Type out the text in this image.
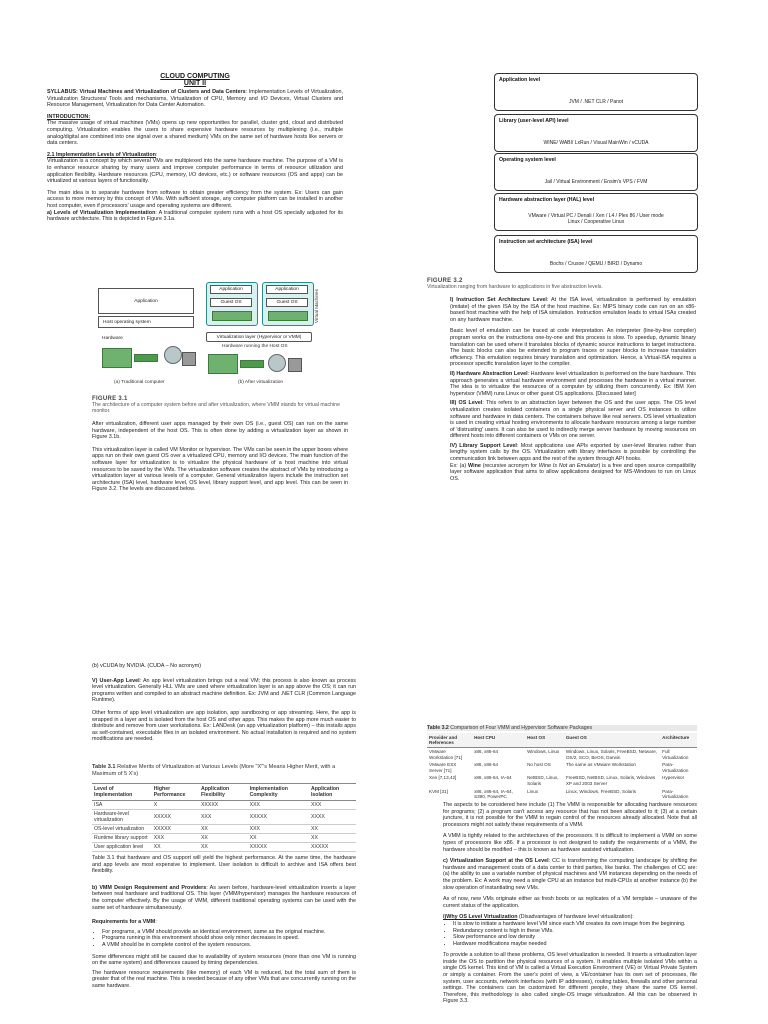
CLOUD COMPUTING
UNIT II

SYLLABUS: Virtual Machines and Virtualization of Clusters and Data Centers: Implementation Levels of Virtualization, Virtualization Structures/ Tools and mechanisms, Virtualization of CPU, Memory and I/O Devices, Virtual Clusters and Resource Management, Virtualization for Data Center Automation.

INTRODUCTION:
The massive usage of virtual machines (VMs) opens up new opportunities for parallel, cluster grid, cloud and distributed computing. Virtualization enables the users to share expensive hardware resources by multiplexing (i.e., multiple analog/digital are combined into one signal over a shared medium) VMs on the same set of hardware hosts like servers or data centers.

2.1 Implementation Levels of Virtualization:
Virtualization is a concept by which several VMs are multiplexed into the same hardware machine. The purpose of a VM is to enhance resource sharing by many users and improve computer performance in terms of resource utilization and application flexibility. Hardware resources (CPU, memory, I/O devices, etc.) or software resources (OS and apps) can be virtualized at various layers of functionality.

The main idea is to separate hardware from software to obtain greater efficiency from the system. Ex: Users can gain access to more memory by this concept of VMs. With sufficient storage, any computer platform can be installed in another host computer, even if processors' usage and operating systems are different.
a) Levels of Virtualization Implementation: A traditional computer system runs with a host OS specially adjusted for its hardware architecture. This is depicted in Figure 3.1a.

Application
Host operating system
Hardware
(a) Traditional computer
Application
Guest OS
Application
Guest OS	Virtual Machines
Virtualization layer (Hypervisor or VMM)
Hardware running the Host OS
(b) After virtualization
FIGURE 3.1
The architecture of a computer system before and after virtualization, where VMM stands for virtual machine monitor.

After virtualization, different user apps managed by their own OS (i.e., guest OS) can run on the same hardware, independent of the host OS. This is often done by adding a virtualization layer as shown in Figure 3.1b.

This virtualization layer is called VM Monitor or hypervisor. The VMs can be seen in the upper boxes where apps run on their own guest OS over a virtualized CPU, memory and I/O devices. The main function of the software layer for virtualization is to virtualize the physical hardware of a host machine into virtual resources to be saved by the VMs. The virtualization software creates the abstract of VMs by introducing a virtualization layer at various levels of a computer. General virtualization layers include the instruction set architecture (ISA) level, hardware level, OS level, library support level, and app level. This can be seen in Figure 3.2. The levels are discussed below.

Application level
JVM / .NET CLR / Panot
Library (user-level API) level
WINE/ WABI/ LxRun / Visual MainWin / vCUDA
Operating system level
Jail / Virtual Environment / Ensim's VPS / FVM
Hardware abstraction layer (HAL) level
VMware / Virtual PC / Denali / Xen / L4 / Plex 86 / User mode Linux / Cooperative Linux
Instruction set architecture (ISA) level
Bochs / Crusoe / QEMU / BIRD / Dynamo
FIGURE 3.2
Virtualization ranging from hardware to applications in five abstraction levels.

I) Instruction Set Architecture Level: At the ISA level, virtualization is performed by emulation (imitate) of the given ISA by the ISA of the host machine. Ex: MIPS binary code can run on an x86-based host machine with the help of ISA simulation. Instruction emulation leads to virtual ISAs created on any hardware machine.

Basic level of emulation can be traced at code interpretation. An interpreter (line-by-line compiler) program works on the instructions one-by-one and this process is slow. To speedup, dynamic binary translation can be used where it translates blocks of dynamic source instructions to target instructions. The basic blocks can also be extended to program traces or super blocks to increase translation efficiency. This emulation requires binary translation and optimization. Hence, a Virtual-ISA requires a processor specific translation layer to the compiler.

II) Hardware Abstraction Level: Hardware level virtualization is performed on the bare hardware. This approach generates a virtual hardware environment and processes the hardware in a virtual manner. The idea is to virtualize the resources of a computer by utilizing them concurrently. Ex: IBM Xen hypervisor (VMM) runs Linux or other guest OS applications. [Discussed later]

III) OS Level: This refers to an abstraction layer between the OS and the user apps. The OS level virtualization creates isolated containers on a single physical server and OS instances to utilize software and hardware in data centers. The containers behave like real servers. OS level virtualization is used in creating virtual hosting environments to allocate hardware resources among a large number of 'distrusting' users. It can also be used to indirectly merge server hardware by moving resources on different hosts into different containers or VMs on one server.

IV) Library Support Level: Most applications use APIs exported by user-level libraries rather than lengthy system calls by the OS. Virtualization with library interfaces is possible by controlling the communication link between apps and the rest of the system through API hooks.
Ex: (a) Wine (recursive acronym for Wine Is Not an Emulator) is a free and open source compatibility layer software application that aims to allow applications designed for MS-Windows to run on Linux OS.

(b) vCUDA by NVIDIA. (CUDA – No acronym)

V) User-App Level: An app level virtualization brings out a real VM; this process is also known as process level virtualization. Generally HLL VMs are used where virtualization layer is an app above the OS; it can run programs written and compiled to an abstract machine definition. Ex: JVM and .NET CLR (Common Language Runtime).

Other forms of app level virtualization are app isolation, app sandboxing or app streaming. Here, the app is wrapped in a layer and is isolated from the host OS and other apps. This makes the app more much easier to distribute and remove from user workstations. Ex: LANDesk (an app virtualization platform) – this installs apps as self-contained, executable files in an isolated environment. No actual installation is required and no system modifications are needed.

Table 3.1 Relative Merits of Virtualization at Various Levels (More "X"'s Means Higher Merit, with a Maximum of 5 X's)
Level of Implementation	Higher Performance	Application Flexibility	Implementation Complexity	Application Isolation
ISA	X	XXXXX	XXX	XXX
Hardware-level virtualization	XXXXX	XXX	XXXXX	XXXX
OS-level virtualization	XXXXX	XX	XXX	XX
Runtime library support	XXX	XX	XX	XX
User application level	XX	XX	XXXXX	XXXXX

Table 3.1 that hardware and OS support will yield the highest performance. At the same time, the hardware and app levels are most expensive to implement. User isolation is difficult to archive and ISA offers best flexibility.

b) VMM Design Requirement and Providers: As seen before, hardware-level virtualization inserts a layer between real hardware and traditional OS. This layer (VMM/hypervisor) manages the hardware resources of the computer effectively. By the usage of VMM, different traditional operating systems can be used with the same set of hardware simultaneously.

Requirements for a VMM:

• For programs, a VMM should provide an identical environment, same as the original machine.
• Programs running in this environment should show only minor decreases in speed.
• A VMM should be in complete control of the system resources.

Some differences might still be caused due to availability of system resources (more than one VM is running on the same system) and differences caused by timing dependencies.

The hardware resource requirements (like memory) of each VM is reduced, but the total sum of them is greater that of the real machine. This is needed because of any other VMs that are concurrently running on the same hardware.

Table 3.2 Comparison of Four VMM and Hypervisor Software Packages
Provider and References	Host CPU	Host OS	Guest OS	Architecture
VMware Workstation [71]	x86, x86-64	Windows, Linux	Windows, Linux, Solaris, FreeBSD, Netware, OS/2, SCO, BeOS, Darwin	Full Virtualization
VMware ESX Server [71]	x86, x86-64	No host OS	The same as VMware Workstation	Para-Virtualization
Xen [7,13,42]	x86, x86-64, IA-64	NetBSD, Linux, Solaris	FreeBSD, NetBSD, Linux, Solaris, Windows XP and 2003 Server	Hypervisor
KVM [31]	x86, x86-64, IA-64, S390, PowerPC	Linux	Linux, Windows, FreeBSD, Solaris	Para-Virtualization

The aspects to be considered here include (1) The VMM is responsible for allocating hardware resources for programs; (2) a program can't access any resource that has not been allocated to it; (3) at a certain juncture, it is not possible for the VMM to regain control of the resources already allocated. Note that all processors might not satisfy these requirements of a VMM.

A VMM is tightly related to the architectures of the processors. It is difficult to implement a VMM on some types of processors like x86. If a processor is not designed to satisfy the requirements of a VMM, the hardware should be modified – this is known as hardware assisted virtualization.

c) Virtualization Support at the OS Level: CC is transforming the computing landscape by shifting the hardware and management costs of a data center to third parties, like banks. The challenges of CC are: (a) the ability to use a variable number of physical machines and VM instances depending on the needs of the problem. Ex: A work may need a single CPU at an instance but multi-CPUs at another instance (b) the slow operation of instantiating new VMs.

As of now, new VMs originate either as fresh boots or as replicates of a VM template – unaware of the current status of the application.

i)Why OS Level Virtualization (Disadvantages of hardware level virtualization):

• It is slow to initiate a hardware level VM since each VM creates its own image from the beginning.
• Redundancy content is high in these VMs.
• Slow performance and low density
• Hardware modifications maybe needed

To provide a solution to all these problems, OS level virtualization is needed. It inserts a virtualization layer inside the OS to partition the physical resources of a system. It enables multiple isolated VMs within a single OS kernel. This kind of VM is called a Virtual Execution Environment (VE) or Virtual Private System or simply a container. From the user's point of view, a VE/container has its own set of processes, file system, user accounts, network interfaces (with IP addresses), routing tables, firewalls and other personal settings. The containers can be customized for different people, they share the same OS kernel. Therefore, this methodology is also called single-OS image virtualization. All this can be observed in Figure 3.3.
